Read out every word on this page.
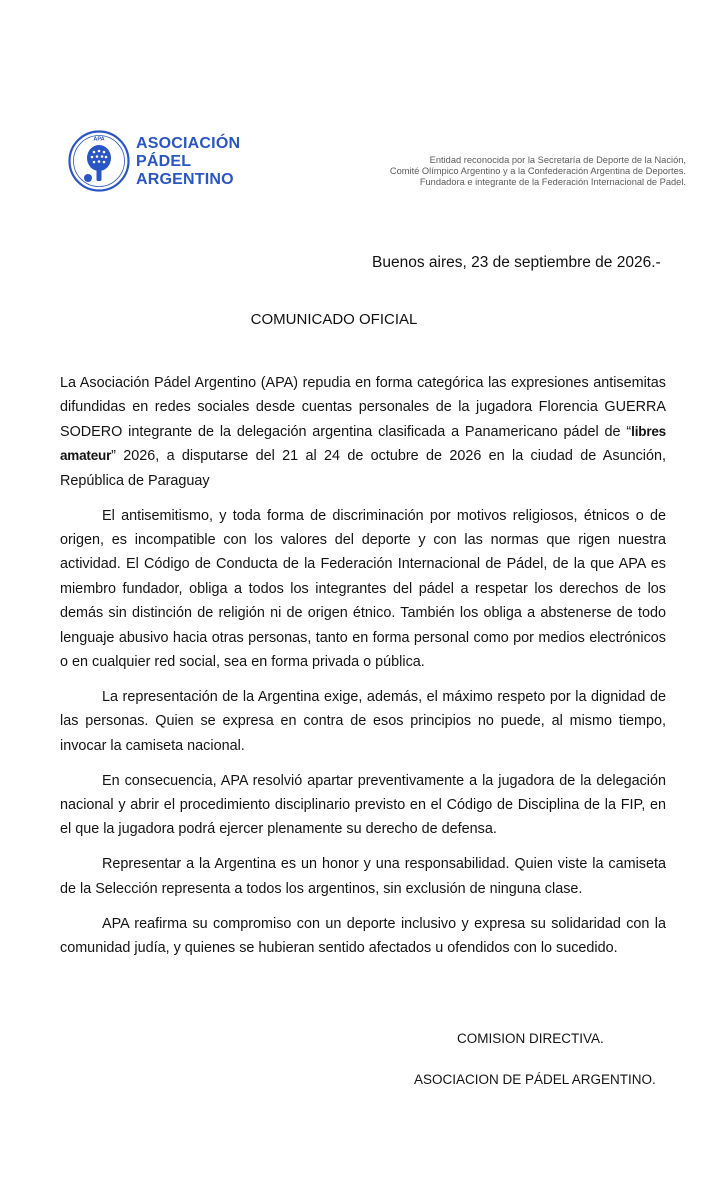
APA ASOCIACIÓN
PÁDEL
ARGENTINO
Entidad reconocida por la Secretaría de Deporte de la Nación,
Comité Olímpico Argentino y a la Confederación Argentina de Deportes.
Fundadora e integrante de la Federación Internacional de Padel.
Buenos aires, 23 de septiembre de 2026.-
COMUNICADO OFICIAL

La Asociación Pádel Argentino (APA) repudia en forma categórica las expresiones antisemitas difundidas en redes sociales desde cuentas personales de la jugadora Florencia GUERRA SODERO integrante de la delegación argentina clasificada a Panamericano pádel de “libres amateur” 2026, a disputarse del 21 al 24 de octubre de 2026 en la ciudad de Asunción, República de Paraguay

El antisemitismo, y toda forma de discriminación por motivos religiosos, étnicos o de origen, es incompatible con los valores del deporte y con las normas que rigen nuestra actividad. El Código de Conducta de la Federación Internacional de Pádel, de la que APA es miembro fundador, obliga a todos los integrantes del pádel a respetar los derechos de los demás sin distinción de religión ni de origen étnico. También los obliga a abstenerse de todo lenguaje abusivo hacia otras personas, tanto en forma personal como por medios electrónicos o en cualquier red social, sea en forma privada o pública.

La representación de la Argentina exige, además, el máximo respeto por la dignidad de las personas. Quien se expresa en contra de esos principios no puede, al mismo tiempo, invocar la camiseta nacional.

En consecuencia, APA resolvió apartar preventivamente a la jugadora de la delegación nacional y abrir el procedimiento disciplinario previsto en el Código de Disciplina de la FIP, en el que la jugadora podrá ejercer plenamente su derecho de defensa.

Representar a la Argentina es un honor y una responsabilidad. Quien viste la camiseta de la Selección representa a todos los argentinos, sin exclusión de ninguna clase.

APA reafirma su compromiso con un deporte inclusivo y expresa su solidaridad con la comunidad judía, y quienes se hubieran sentido afectados u ofendidos con lo sucedido.

COMISION DIRECTIVA.
ASOCIACION DE PÁDEL ARGENTINO.
